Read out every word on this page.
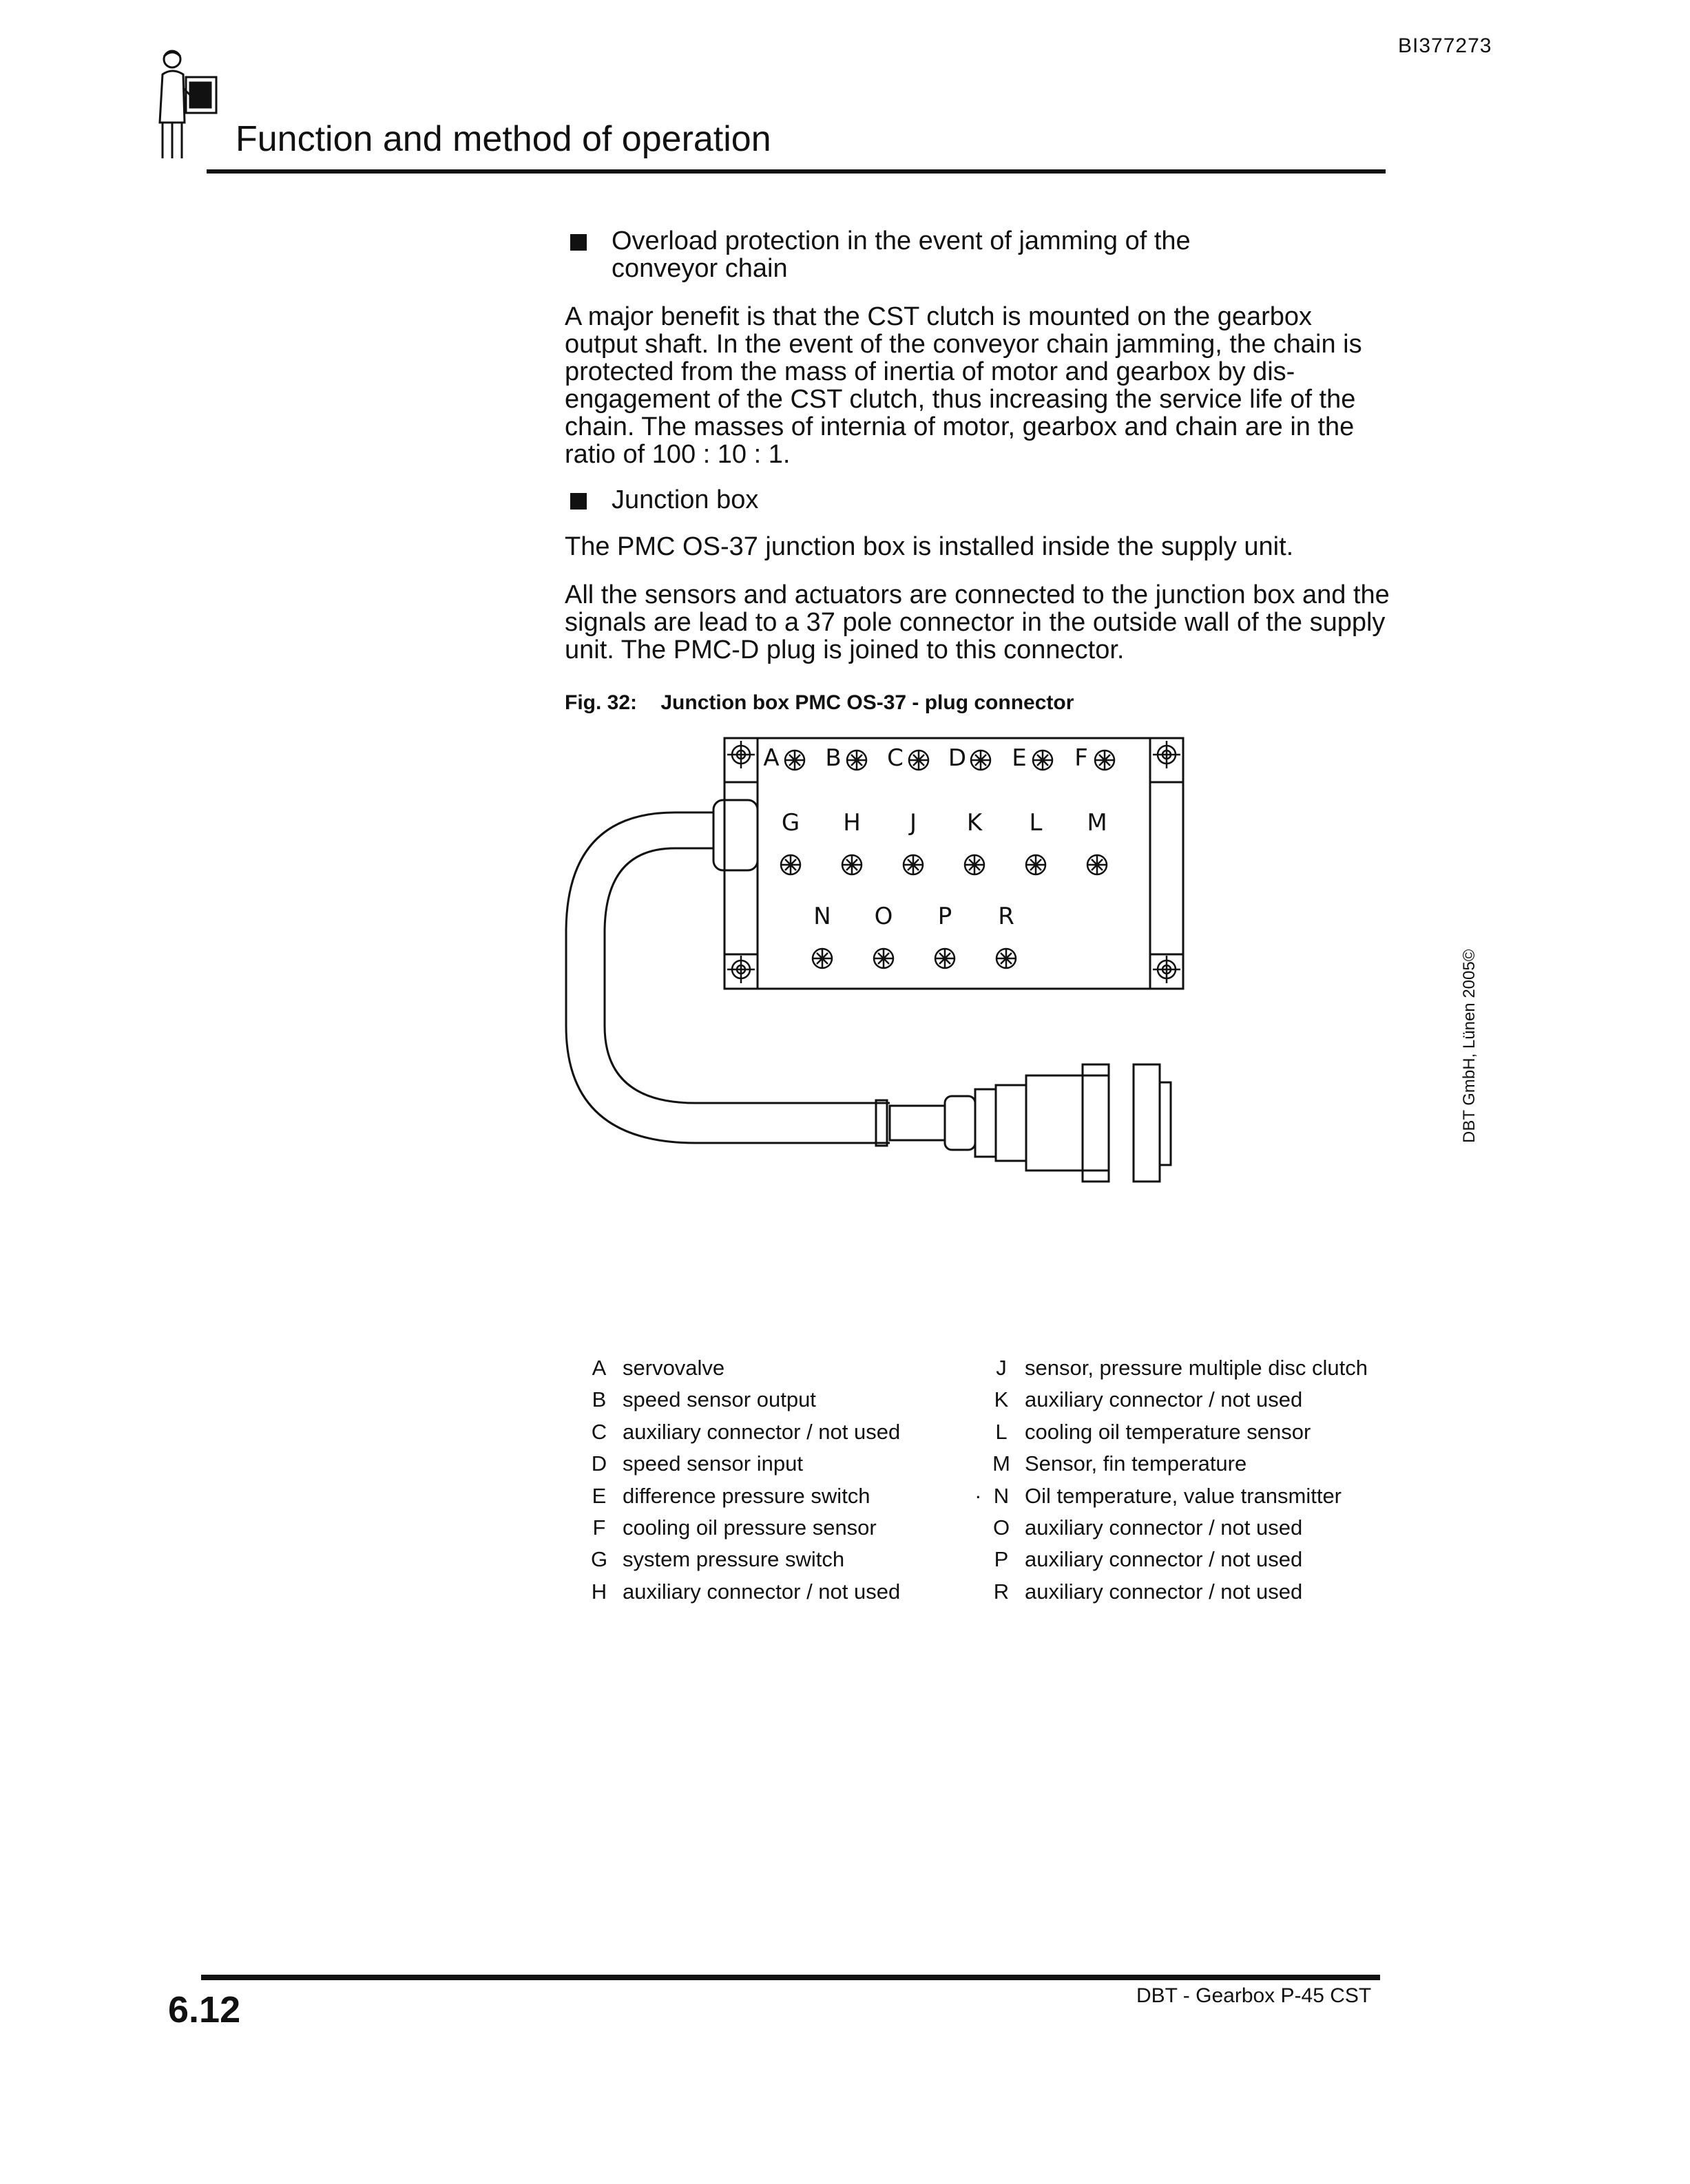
BI377273
Function and method of operation

Overload protection in the event of jamming of the conveyor chain

A major benefit is that the CST clutch is mounted on the gearbox output shaft. In the event of the conveyor chain jamming, the chain is protected from the mass of inertia of motor and gearbox by dis-engagement of the CST clutch, thus increasing the service life of the chain. The masses of internia of motor, gearbox and chain are in the ratio of 100 : 10 : 1.

Junction box

The PMC OS-37 junction box is installed inside the supply unit.

All the sensors and actuators are connected to the junction box and the signals are lead to a 37 pole connector in the outside wall of the supply unit. The PMC-D plug is joined to this connector.

Fig. 32: Junction box PMC OS-37 - plug connector
A B C D E F
G H J K L M
N O P R
DBT GmbH, Lünen 2005©
A servovalve
B speed sensor output
C auxiliary connector / not used
D speed sensor input
E difference pressure switch
F cooling oil pressure sensor
G system pressure switch
H auxiliary connector / not used
J sensor, pressure multiple disc clutch
K auxiliary connector / not used
L cooling oil temperature sensor
M Sensor, fin temperature
N Oil temperature, value transmitter
O auxiliary connector / not used
P auxiliary connector / not used
R auxiliary connector / not used
.
6.12	DBT - Gearbox P-45 CST
